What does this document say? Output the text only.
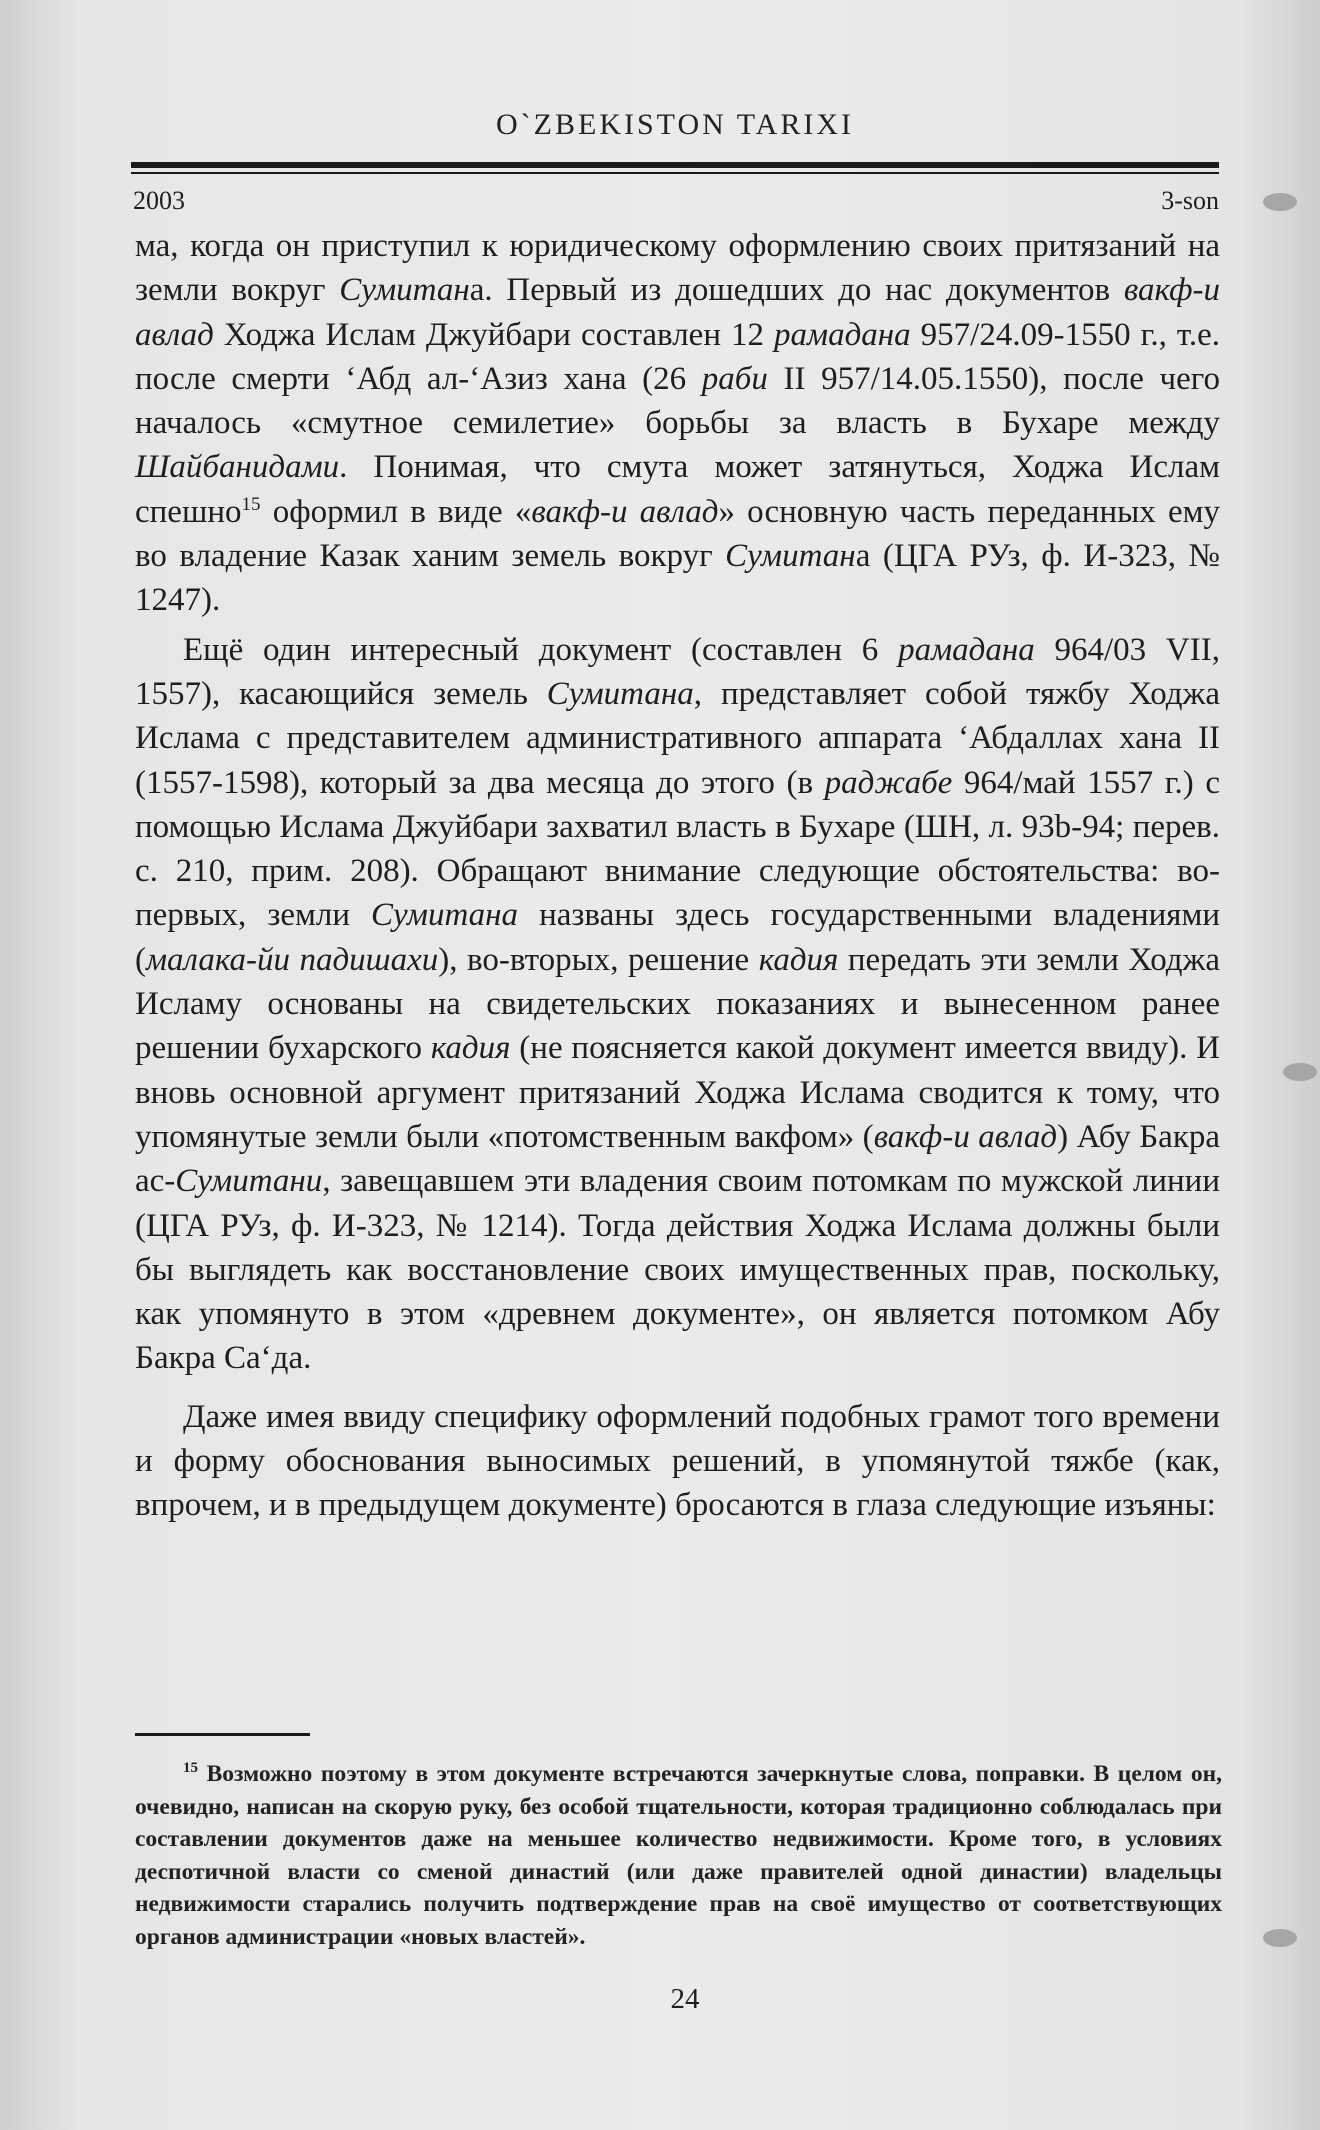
O`ZBEKISTON TARIXI
2003	3-son

ма, когда он приступил к юридическому оформлению своих притязаний на земли вокруг Сумитана. Первый из дошедших до нас документов вакф-и авлад Ходжа Ислам Джуйбари составлен 12 рамадана 957/24.09-1550 г., т.е. после смерти ‘Абд ал-‘Азиз хана (26 раби II 957/14.05.1550), после чего началось «смутное семилетие» борьбы за власть в Бухаре между Шайбанидами. Понимая, что смута может затянуться, Ходжа Ислам спешно$^{15}$ оформил в виде «вакф-и авлад» основную часть переданных ему во владение Казак ханим земель вокруг Сумитана (ЦГА РУз, ф. И-323, № 1247).

Ещё один интересный документ (составлен 6 рамадана 964/03 VII, 1557), касающийся земель Сумитана, представляет собой тяжбу Ходжа Ислама с представителем административного аппарата ‘Абдаллах хана II (1557-1598), который за два месяца до этого (в раджабе 964/май 1557 г.) с помощью Ислама Джуйбари захватил власть в Бухаре (ШН, л. 93b-94; перев. с. 210, прим. 208). Обращают внимание следующие обстоятельства: во-первых, земли Сумитана названы здесь государственными владениями (малака-йи падишахи), во-вторых, решение кадия передать эти земли Ходжа Исламу основаны на свидетельских показаниях и вынесенном ранее решении бухарского кадия (не поясняется какой документ имеется ввиду). И вновь основной аргумент притязаний Ходжа Ислама сводится к тому, что упомянутые земли были «потомственным вакфом» (вакф-и авлад) Абу Бакра ас-Сумитани, завещавшем эти владения своим потомкам по мужской линии (ЦГА РУз, ф. И-323, № 1214). Тогда действия Ходжа Ислама должны были бы выглядеть как восстановление своих имущественных прав, поскольку, как упомянуто в этом «древнем документе», он является потомком Абу Бакра Са‘да.

Даже имея ввиду специфику оформлений подобных грамот того времени и форму обоснования выносимых решений, в упомянутой тяжбе (как, впрочем, и в предыдущем документе) бросаются в глаза следующие изъяны:

$^{15}$ Возможно поэтому в этом документе встречаются зачеркнутые слова, поправки. В целом он, очевидно, написан на скорую руку, без особой тщательности, которая традиционно соблюдалась при составлении документов даже на меньшее количество недвижимости. Кроме того, в условиях деспотичной власти со сменой династий (или даже правителей одной династии) владельцы недвижимости старались получить подтверждение прав на своё имущество от соответствующих органов администрации «новых властей».
24
